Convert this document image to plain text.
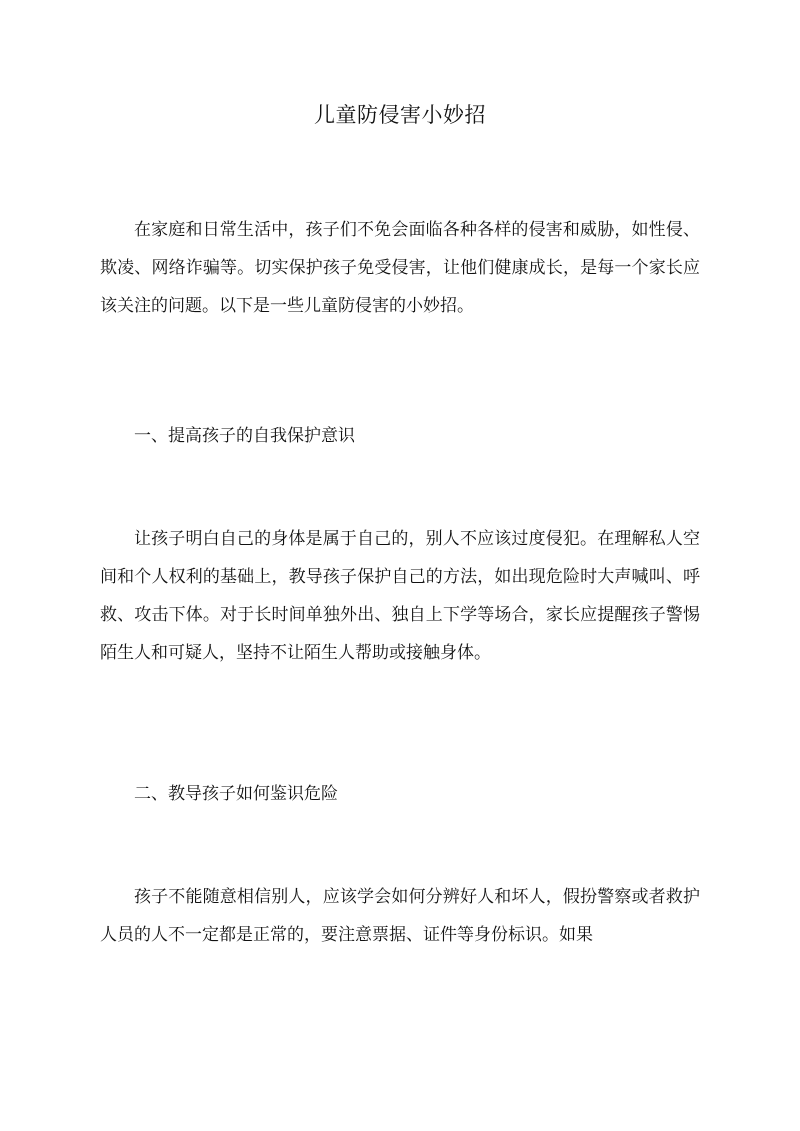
儿童防侵害小妙招

在家庭和日常生活中，孩子们不免会面临各种各样的侵害和威胁，如性侵、欺凌、网络诈骗等。切实保护孩子免受侵害，让他们健康成长，是每一个家长应该关注的问题。以下是一些儿童防侵害的小妙招。

一、提高孩子的自我保护意识

让孩子明白自己的身体是属于自己的，别人不应该过度侵犯。在理解私人空间和个人权利的基础上，教导孩子保护自己的方法，如出现危险时大声喊叫、呼救、攻击下体。对于长时间单独外出、独自上下学等场合，家长应提醒孩子警惕陌生人和可疑人，坚持不让陌生人帮助或接触身体。

二、教导孩子如何鉴识危险

孩子不能随意相信别人，应该学会如何分辨好人和坏人，假扮警察或者救护人员的人不一定都是正常的，要注意票据、证件等身份标识。如果
